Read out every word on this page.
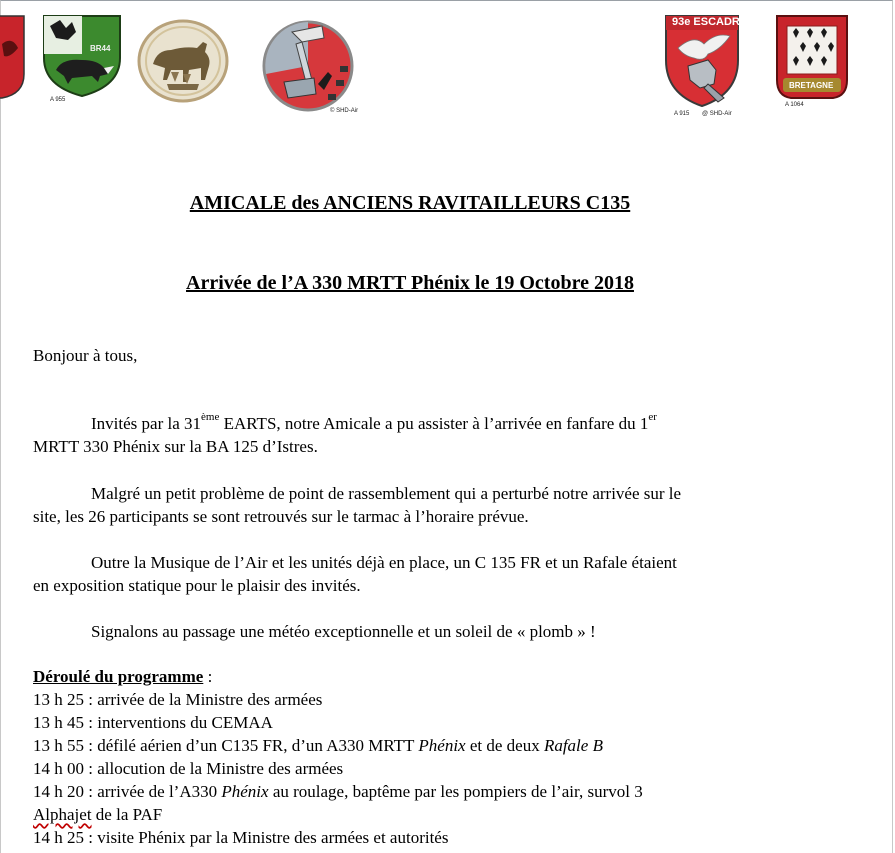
BR44
A 955
© SHD-Air
93e ESCADRE
A 915 @ SHD-Air
BRETAGNE
A 1064
AMICALE des ANCIENS RAVITAILLEURS C135
Arrivée de l’A 330 MRTT Phénix le 19 Octobre 2018
Bonjour à tous,
Invités par la 31ème EARTS, notre Amicale a pu assister à l’arrivée en fanfare du 1er
MRTT 330 Phénix sur la BA 125 d’Istres.
Malgré un petit problème de point de rassemblement qui a perturbé notre arrivée sur le
site, les 26 participants se sont retrouvés sur le tarmac à l’horaire prévue.
Outre la Musique de l’Air et les unités déjà en place, un C 135 FR et un Rafale étaient
en exposition statique pour le plaisir des invités.
Signalons au passage une météo exceptionnelle et un soleil de « plomb » !
Déroulé du programme :
13 h 25 : arrivée de la Ministre des armées
13 h 45 : interventions du CEMAA
13 h 55 : défilé aérien d’un C135 FR, d’un A330 MRTT Phénix et de deux Rafale B
14 h 00 : allocution de la Ministre des armées
14 h 20 : arrivée de l’A330 Phénix au roulage, baptême par les pompiers de l’air, survol 3
Alphajet de la PAF
14 h 25 : visite Phénix par la Ministre des armées et autorités
